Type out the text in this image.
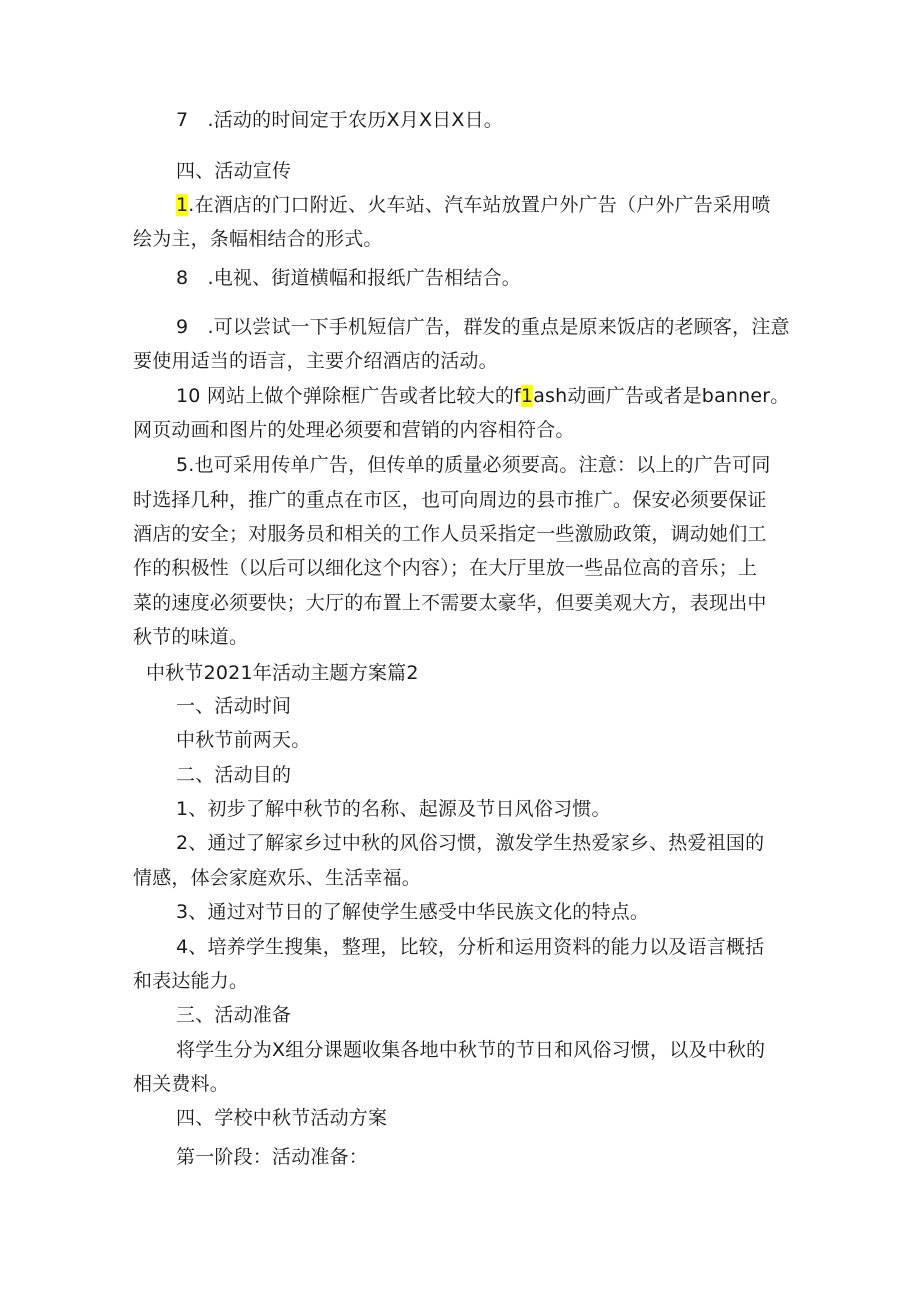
7　.活动的时间定于农历X月X日X日。

四、活动宣传

1.在酒店的门口附近、火车站、汽车站放置户外广告（户外广告采用喷

绘为主，条幅相结合的形式。

8　.电视、街道横幅和报纸广告相结合。

9　.可以尝试一下手机短信广告，群发的重点是原来饭店的老顾客，注意

要使用适当的语言，主要介绍酒店的活动。

10 网站上做个弹除框广告或者比较大的f1ash动画广告或者是banner。

网页动画和图片的处理必须要和营销的内容相符合。

5.也可采用传单广告，但传单的质量必须要高。注意：以上的广告可同

时选择几种，推广的重点在市区，也可向周边的县市推广。保安必须要保证

酒店的安全；对服务员和相关的工作人员采指定一些激励政策，调动她们工

作的积极性（以后可以细化这个内容）；在大厅里放一些品位高的音乐；上

菜的速度必须要快；大厅的布置上不需要太豪华，但要美观大方，表现出中

秋节的味道。

中秋节2021年活动主题方案篇2

一、活动时间

中秋节前两天。

二、活动目的

1、初步了解中秋节的名称、起源及节日风俗习惯。

2、通过了解家乡过中秋的风俗习惯，激发学生热爱家乡、热爱祖国的

情感，体会家庭欢乐、生活幸福。

3、通过对节日的了解使学生感受中华民族文化的特点。

4、培养学生搜集，整理，比较，分析和运用资料的能力以及语言概括

和表达能力。

三、活动准备

将学生分为X组分课题收集各地中秋节的节日和风俗习惯，以及中秋的

相关费料。

四、学校中秋节活动方案

第一阶段：活动准备：
